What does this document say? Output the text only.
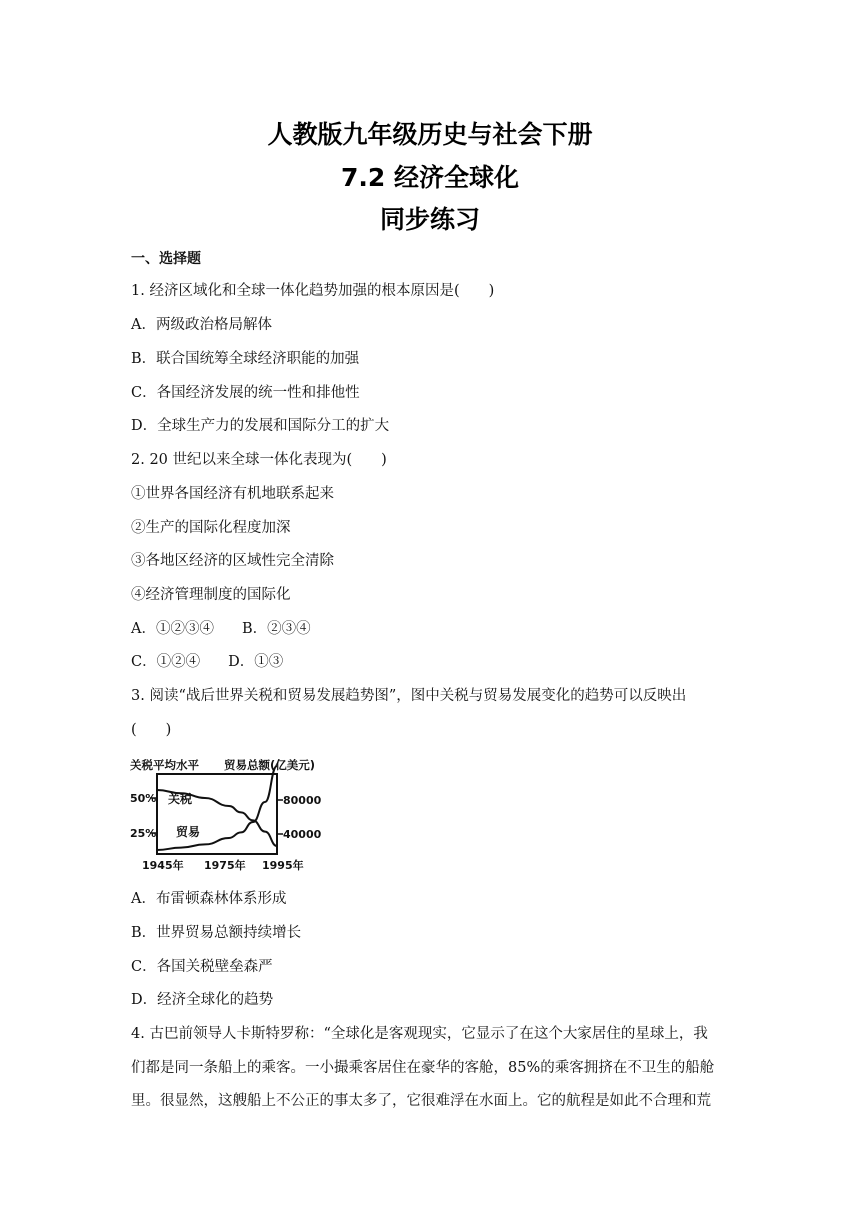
人教版九年级历史与社会下册
7.2 经济全球化
同步练习
一、选择题
1. 经济区域化和全球一体化趋势加强的根本原因是(　　)
A．两级政治格局解体
B．联合国统筹全球经济职能的加强
C．各国经济发展的统一性和排他性
D．全球生产力的发展和国际分工的扩大
2. 20 世纪以来全球一体化表现为(　　)
①世界各国经济有机地联系起来
②生产的国际化程度加深
③各地区经济的区域性完全清除
④经济管理制度的国际化
A．①②③④ B．②③④
C．①②④ D．①③
3. 阅读“战后世界关税和贸易发展趋势图”，图中关税与贸易发展变化的趋势可以反映出
(　　)
关税平均水平 贸易总额(亿美元)
50%
25%
80000
40000
关税
贸易
1945年 1975年 1995年
A．布雷顿森林体系形成
B．世界贸易总额持续增长
C．各国关税壁垒森严
D．经济全球化的趋势
4. 古巴前领导人卡斯特罗称：“全球化是客观现实，它显示了在这个大家居住的星球上，我
们都是同一条船上的乘客。一小撮乘客居住在豪华的客舱，85%的乘客拥挤在不卫生的船舱
里。很显然，这艘船上不公正的事太多了，它很难浮在水面上。它的航程是如此不合理和荒
